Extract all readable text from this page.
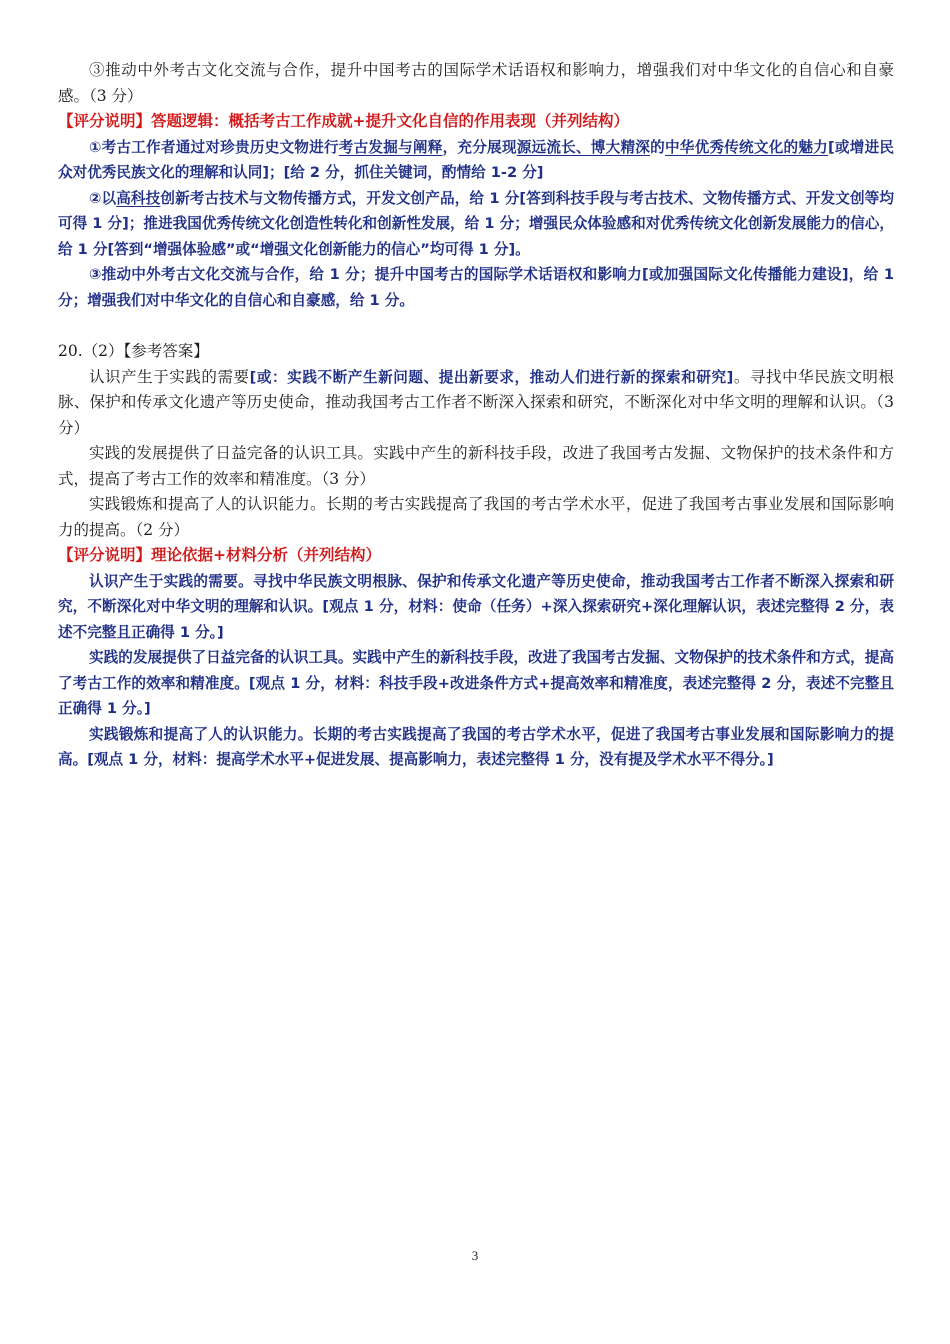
③推动中外考古文化交流与合作，提升中国考古的国际学术话语权和影响力，增强我们对中华文化的自信心和自豪感。（3 分）

【评分说明】答题逻辑：概括考古工作成就+提升文化自信的作用表现（并列结构）

①考古工作者通过对珍贵历史文物进行考古发掘与阐释，充分展现源远流长、博大精深的中华优秀传统文化的魅力[或增进民众对优秀民族文化的理解和认同]；[给 2 分，抓住关键词，酌情给 1-2 分]

②以高科技创新考古技术与文物传播方式，开发文创产品，给 1 分[答到科技手段与考古技术、文物传播方式、开发文创等均可得 1 分]；推进我国优秀传统文化创造性转化和创新性发展，给 1 分；增强民众体验感和对优秀传统文化创新发展能力的信心，给 1 分[答到“增强体验感”或“增强文化创新能力的信心”均可得 1 分]。

③推动中外考古文化交流与合作，给 1 分；提升中国考古的国际学术话语权和影响力[或加强国际文化传播能力建设]，给 1 分；增强我们对中华文化的自信心和自豪感，给 1 分。

20.（2）【参考答案】

认识产生于实践的需要[或：实践不断产生新问题、提出新要求，推动人们进行新的探索和研究]。寻找中华民族文明根脉、保护和传承文化遗产等历史使命，推动我国考古工作者不断深入探索和研究，不断深化对中华文明的理解和认识。（3 分）

实践的发展提供了日益完备的认识工具。实践中产生的新科技手段，改进了我国考古发掘、文物保护的技术条件和方式，提高了考古工作的效率和精准度。（3 分）

实践锻炼和提高了人的认识能力。长期的考古实践提高了我国的考古学术水平，促进了我国考古事业发展和国际影响力的提高。（2 分）

【评分说明】理论依据+材料分析（并列结构）

认识产生于实践的需要。寻找中华民族文明根脉、保护和传承文化遗产等历史使命，推动我国考古工作者不断深入探索和研究，不断深化对中华文明的理解和认识。[观点 1 分，材料：使命（任务）+深入探索研究+深化理解认识，表述完整得 2 分，表述不完整且正确得 1 分。]

实践的发展提供了日益完备的认识工具。实践中产生的新科技手段，改进了我国考古发掘、文物保护的技术条件和方式，提高了考古工作的效率和精准度。[观点 1 分，材料：科技手段+改进条件方式+提高效率和精准度，表述完整得 2 分，表述不完整且正确得 1 分。]

实践锻炼和提高了人的认识能力。长期的考古实践提高了我国的考古学术水平，促进了我国考古事业发展和国际影响力的提高。[观点 1 分，材料：提高学术水平+促进发展、提高影响力，表述完整得 1 分，没有提及学术水平不得分。]

3
